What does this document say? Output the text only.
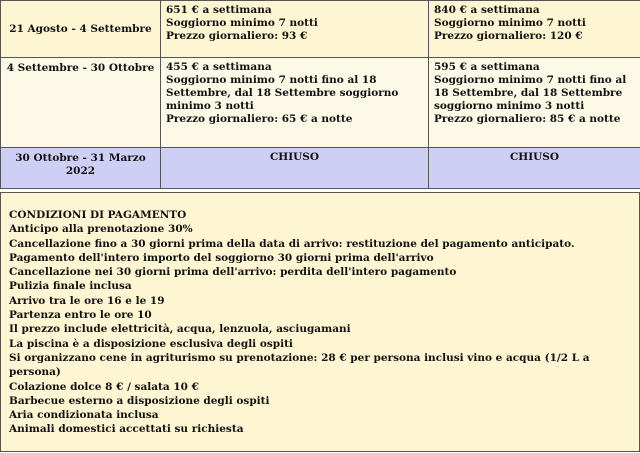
21 Agosto - 4 Settembre	651 € a settimana
Soggiorno minimo 7 notti
Prezzo giornaliero: 93 €	840 € a settimana
Soggiorno minimo 7 notti
Prezzo giornaliero: 120 €

4 Settembre - 30 Ottobre	455 € a settimana
Soggiorno minimo 7 notti fino al 18 Settembre, dal 18 Settembre soggiorno minimo 3 notti
Prezzo giornaliero: 65 € a notte	595 € a settimana
Soggiorno minimo 7 notti fino al 18 Settembre, dal 18 Settembre soggiorno minimo 3 notti
Prezzo giornaliero: 85 € a notte

30 Ottobre - 31 Marzo 2022	CHIUSO	CHIUSO
CONDIZIONI DI PAGAMENTO
Anticipo alla prenotazione 30%
Cancellazione fino a 30 giorni prima della data di arrivo: restituzione del pagamento anticipato.
Pagamento dell'intero importo del soggiorno 30 giorni prima dell'arrivo
Cancellazione nei 30 giorni prima dell'arrivo: perdita dell'intero pagamento
Pulizia finale inclusa
Arrivo tra le ore 16 e le 19
Partenza entro le ore 10
Il prezzo include elettricità, acqua, lenzuola, asciugamani
La piscina è a disposizione esclusiva degli ospiti
Si organizzano cene in agriturismo su prenotazione: 28 € per persona inclusi vino e acqua (1/2 L a persona)
Colazione dolce 8 € / salata 10 €
Barbecue esterno a disposizione degli ospiti
Aria condizionata inclusa
Animali domestici accettati su richiesta
